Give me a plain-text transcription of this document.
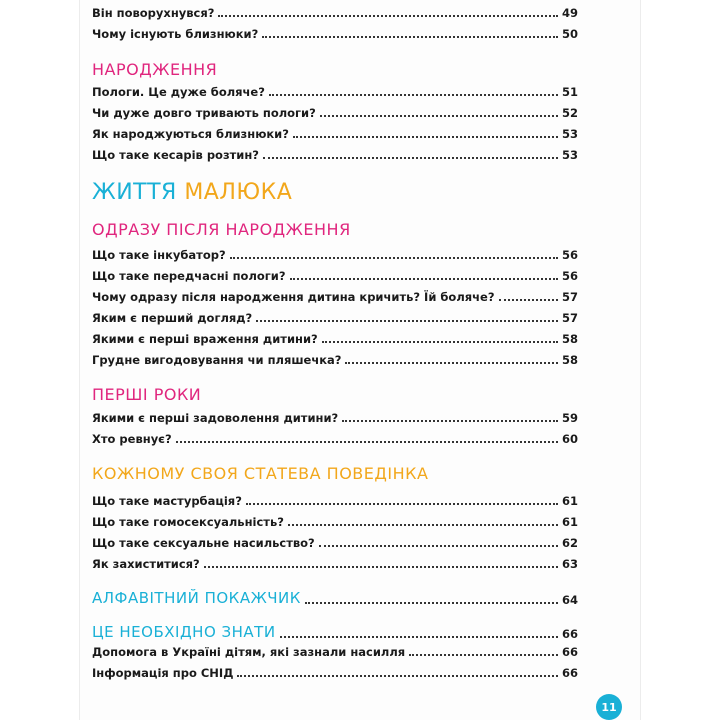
Він поворухнувся?	49
Чому існують близнюки?	50
НАРОДЖЕННЯ
Пологи. Це дуже боляче?	51
Чи дуже довго тривають пологи?	52
Як народжуються близнюки?	53
Що таке кесарів розтин?	53
ЖИТТЯ МАЛЮКА
ОДРАЗУ ПІСЛЯ НАРОДЖЕННЯ
Що таке інкубатор?	56
Що таке передчасні пологи?	56
Чому одразу після народження дитина кричить? Їй боляче?	57
Яким є перший догляд?	57
Якими є перші враження дитини?	58
Грудне вигодовування чи пляшечка?	58
ПЕРШІ РОКИ
Якими є перші задоволення дитини?	59
Хто ревнує?	60
КОЖНОМУ СВОЯ СТАТЕВА ПОВЕДІНКА
Що таке мастурбація?	61
Що таке гомосексуальність?	61
Що таке сексуальне насильство?	62
Як захиститися?	63
АЛФАВІТНИЙ ПОКАЖЧИК	64
ЦЕ НЕОБХІДНО ЗНАТИ	66
Допомога в Україні дітям, які зазнали насилля	66
Інформація про СНІД	66
11
